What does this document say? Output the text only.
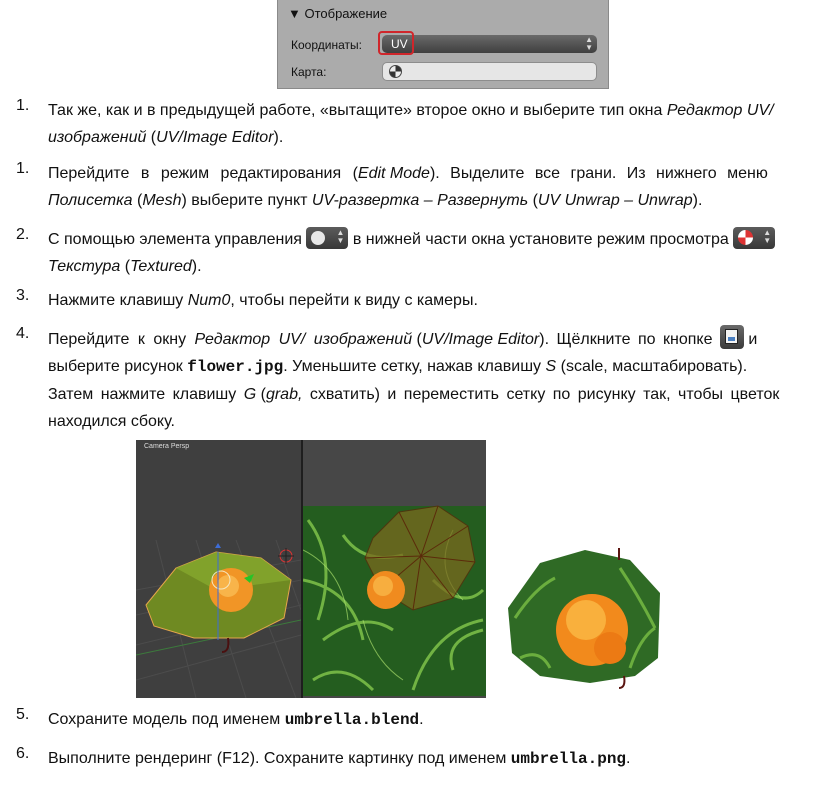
▼ Отображение
Координаты: UV	▲
▼
Карта:
1. Так же, как и в предыдущей работе, «вытащите» второе окно и выберите тип окна Редактор UV/
изображений (UV/Image Editor).
1. Перейдите в режим редактирования (Edit Mode). Выделите все грани. Из нижнего меню
Полисетка (Mesh) выберите пункт UV-развертка – Развернуть (UV Unwrap – Unwrap).
2. С помощью элемента управления	▲
▼ в нижней части окна установите режим просмотра	▲
▼

Текстура (Textured).
3. Нажмите клавишу Num0, чтобы перейти к виду с камеры.
4. Перейдите к окну Редактор UV/ изображений (UV/Image Editor). Щёлкните по кнопке
и
выберите рисунок flower.jpg. Уменьшите сетку, нажав клавишу S (scale, масштабировать).
Затем нажмите клавишу G (grab, схватить) и переместить сетку по рисунку так, чтобы цветок
находился сбоку.
Camera Persp
5. Сохраните модель под именем umbrella.blend.
6. Выполните рендеринг (F12). Сохраните картинку под именем umbrella.png.
